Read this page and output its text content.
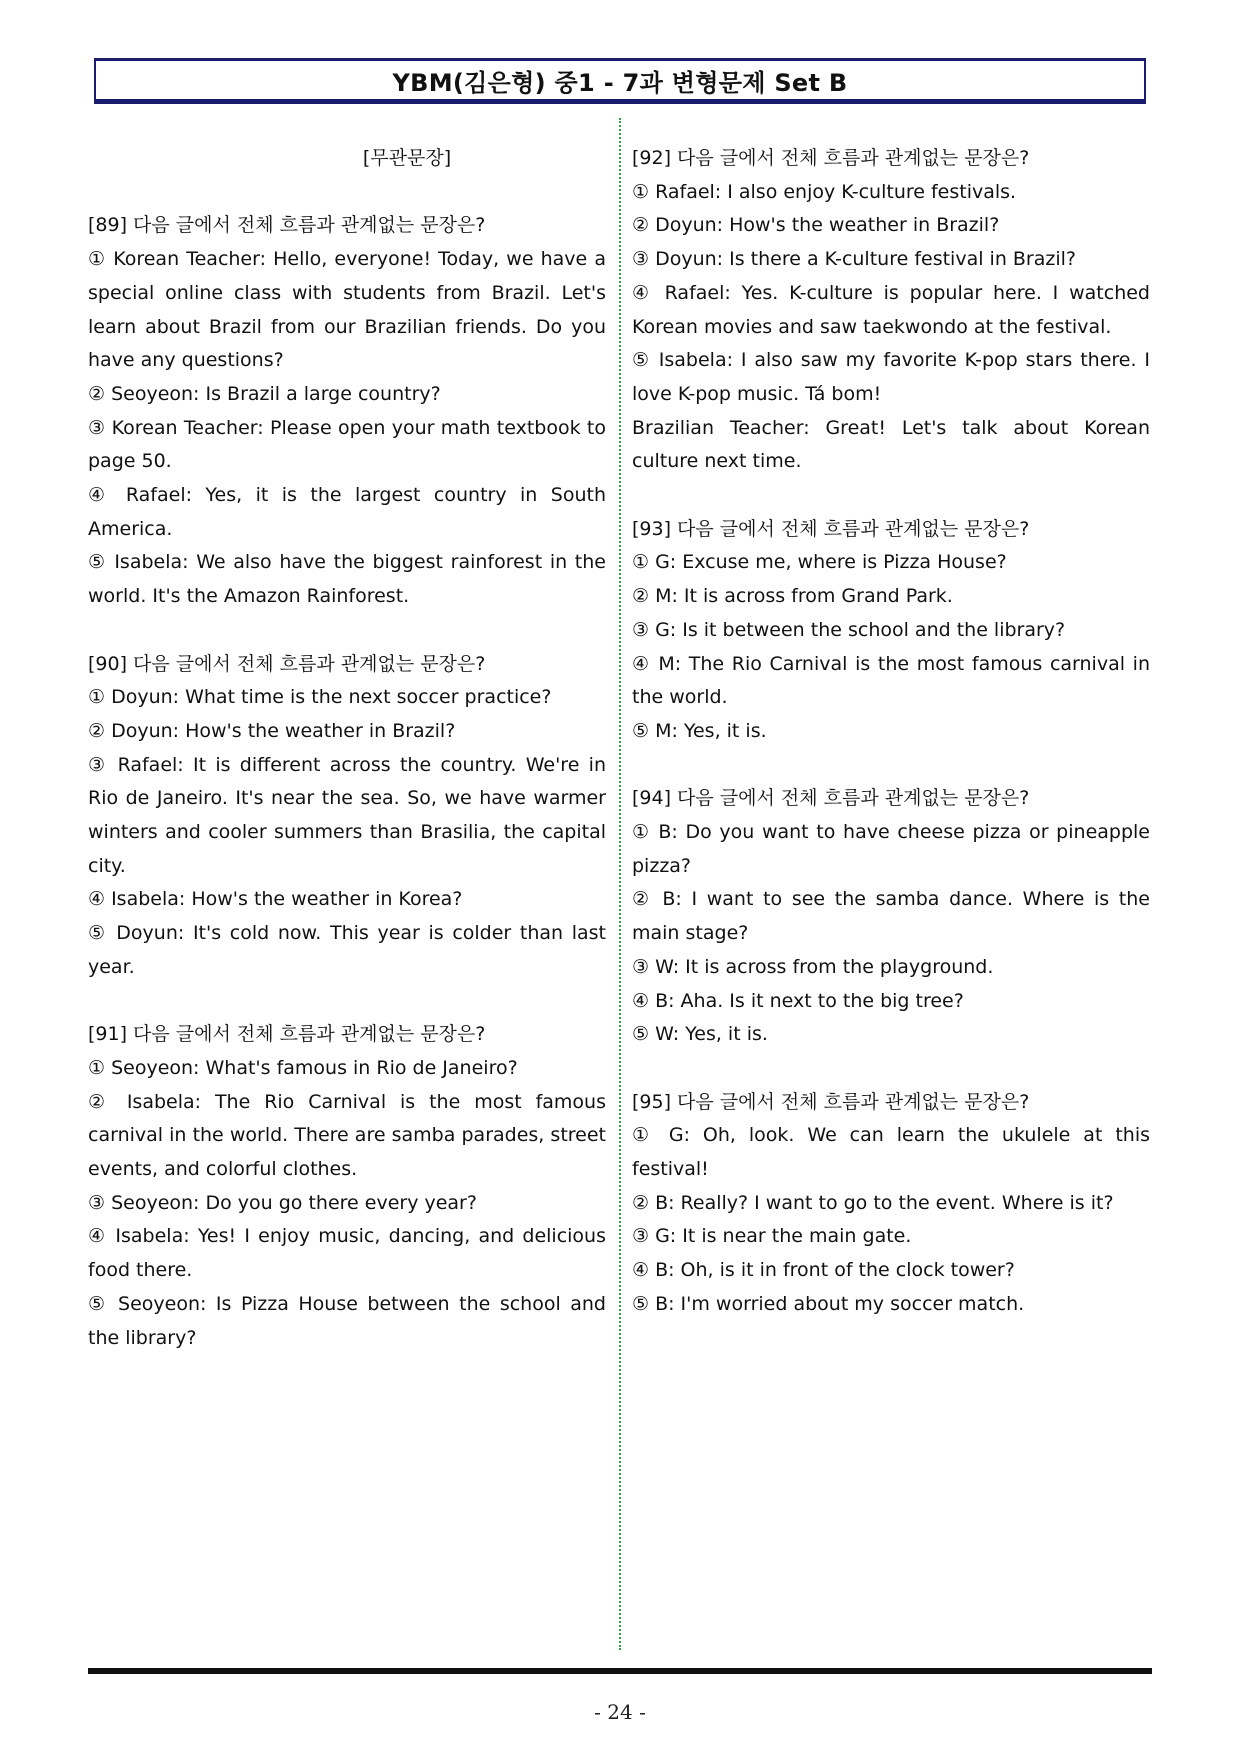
YBM(김은형) 중1 - 7과 변형문제 Set B
[무관문장]
[89] 다음 글에서 전체 흐름과 관계없는 문장은?
① Korean Teacher: Hello, everyone! Today, we have a special online class with students from Brazil. Let's learn about Brazil from our Brazilian friends. Do you have any questions?
② Seoyeon: Is Brazil a large country?
③ Korean Teacher: Please open your math textbook to page 50.
④ Rafael: Yes, it is the largest country in South America.
⑤ Isabela: We also have the biggest rainforest in the world. It's the Amazon Rainforest.
[90] 다음 글에서 전체 흐름과 관계없는 문장은?
① Doyun: What time is the next soccer practice?
② Doyun: How's the weather in Brazil?
③ Rafael: It is different across the country. We're in Rio de Janeiro. It's near the sea. So, we have warmer winters and cooler summers than Brasilia, the capital city.
④ Isabela: How's the weather in Korea?
⑤ Doyun: It's cold now. This year is colder than last year.
[91] 다음 글에서 전체 흐름과 관계없는 문장은?
① Seoyeon: What's famous in Rio de Janeiro?
② Isabela: The Rio Carnival is the most famous carnival in the world. There are samba parades, street events, and colorful clothes.
③ Seoyeon: Do you go there every year?
④ Isabela: Yes! I enjoy music, dancing, and delicious food there.
⑤ Seoyeon: Is Pizza House between the school and the library?
[92] 다음 글에서 전체 흐름과 관계없는 문장은?
① Rafael: I also enjoy K-culture festivals.
② Doyun: How's the weather in Brazil?
③ Doyun: Is there a K-culture festival in Brazil?
④ Rafael: Yes. K-culture is popular here. I watched Korean movies and saw taekwondo at the festival.
⑤ Isabela: I also saw my favorite K-pop stars there. I love K-pop music. Tá bom!
Brazilian Teacher: Great! Let's talk about Korean culture next time.
[93] 다음 글에서 전체 흐름과 관계없는 문장은?
① G: Excuse me, where is Pizza House?
② M: It is across from Grand Park.
③ G: Is it between the school and the library?
④ M: The Rio Carnival is the most famous carnival in the world.
⑤ M: Yes, it is.
[94] 다음 글에서 전체 흐름과 관계없는 문장은?
① B: Do you want to have cheese pizza or pineapple pizza?
② B: I want to see the samba dance. Where is the main stage?
③ W: It is across from the playground.
④ B: Aha. Is it next to the big tree?
⑤ W: Yes, it is.
[95] 다음 글에서 전체 흐름과 관계없는 문장은?
① G: Oh, look. We can learn the ukulele at this festival!
② B: Really? I want to go to the event. Where is it?
③ G: It is near the main gate.
④ B: Oh, is it in front of the clock tower?
⑤ B: I'm worried about my soccer match.
- 24 -
